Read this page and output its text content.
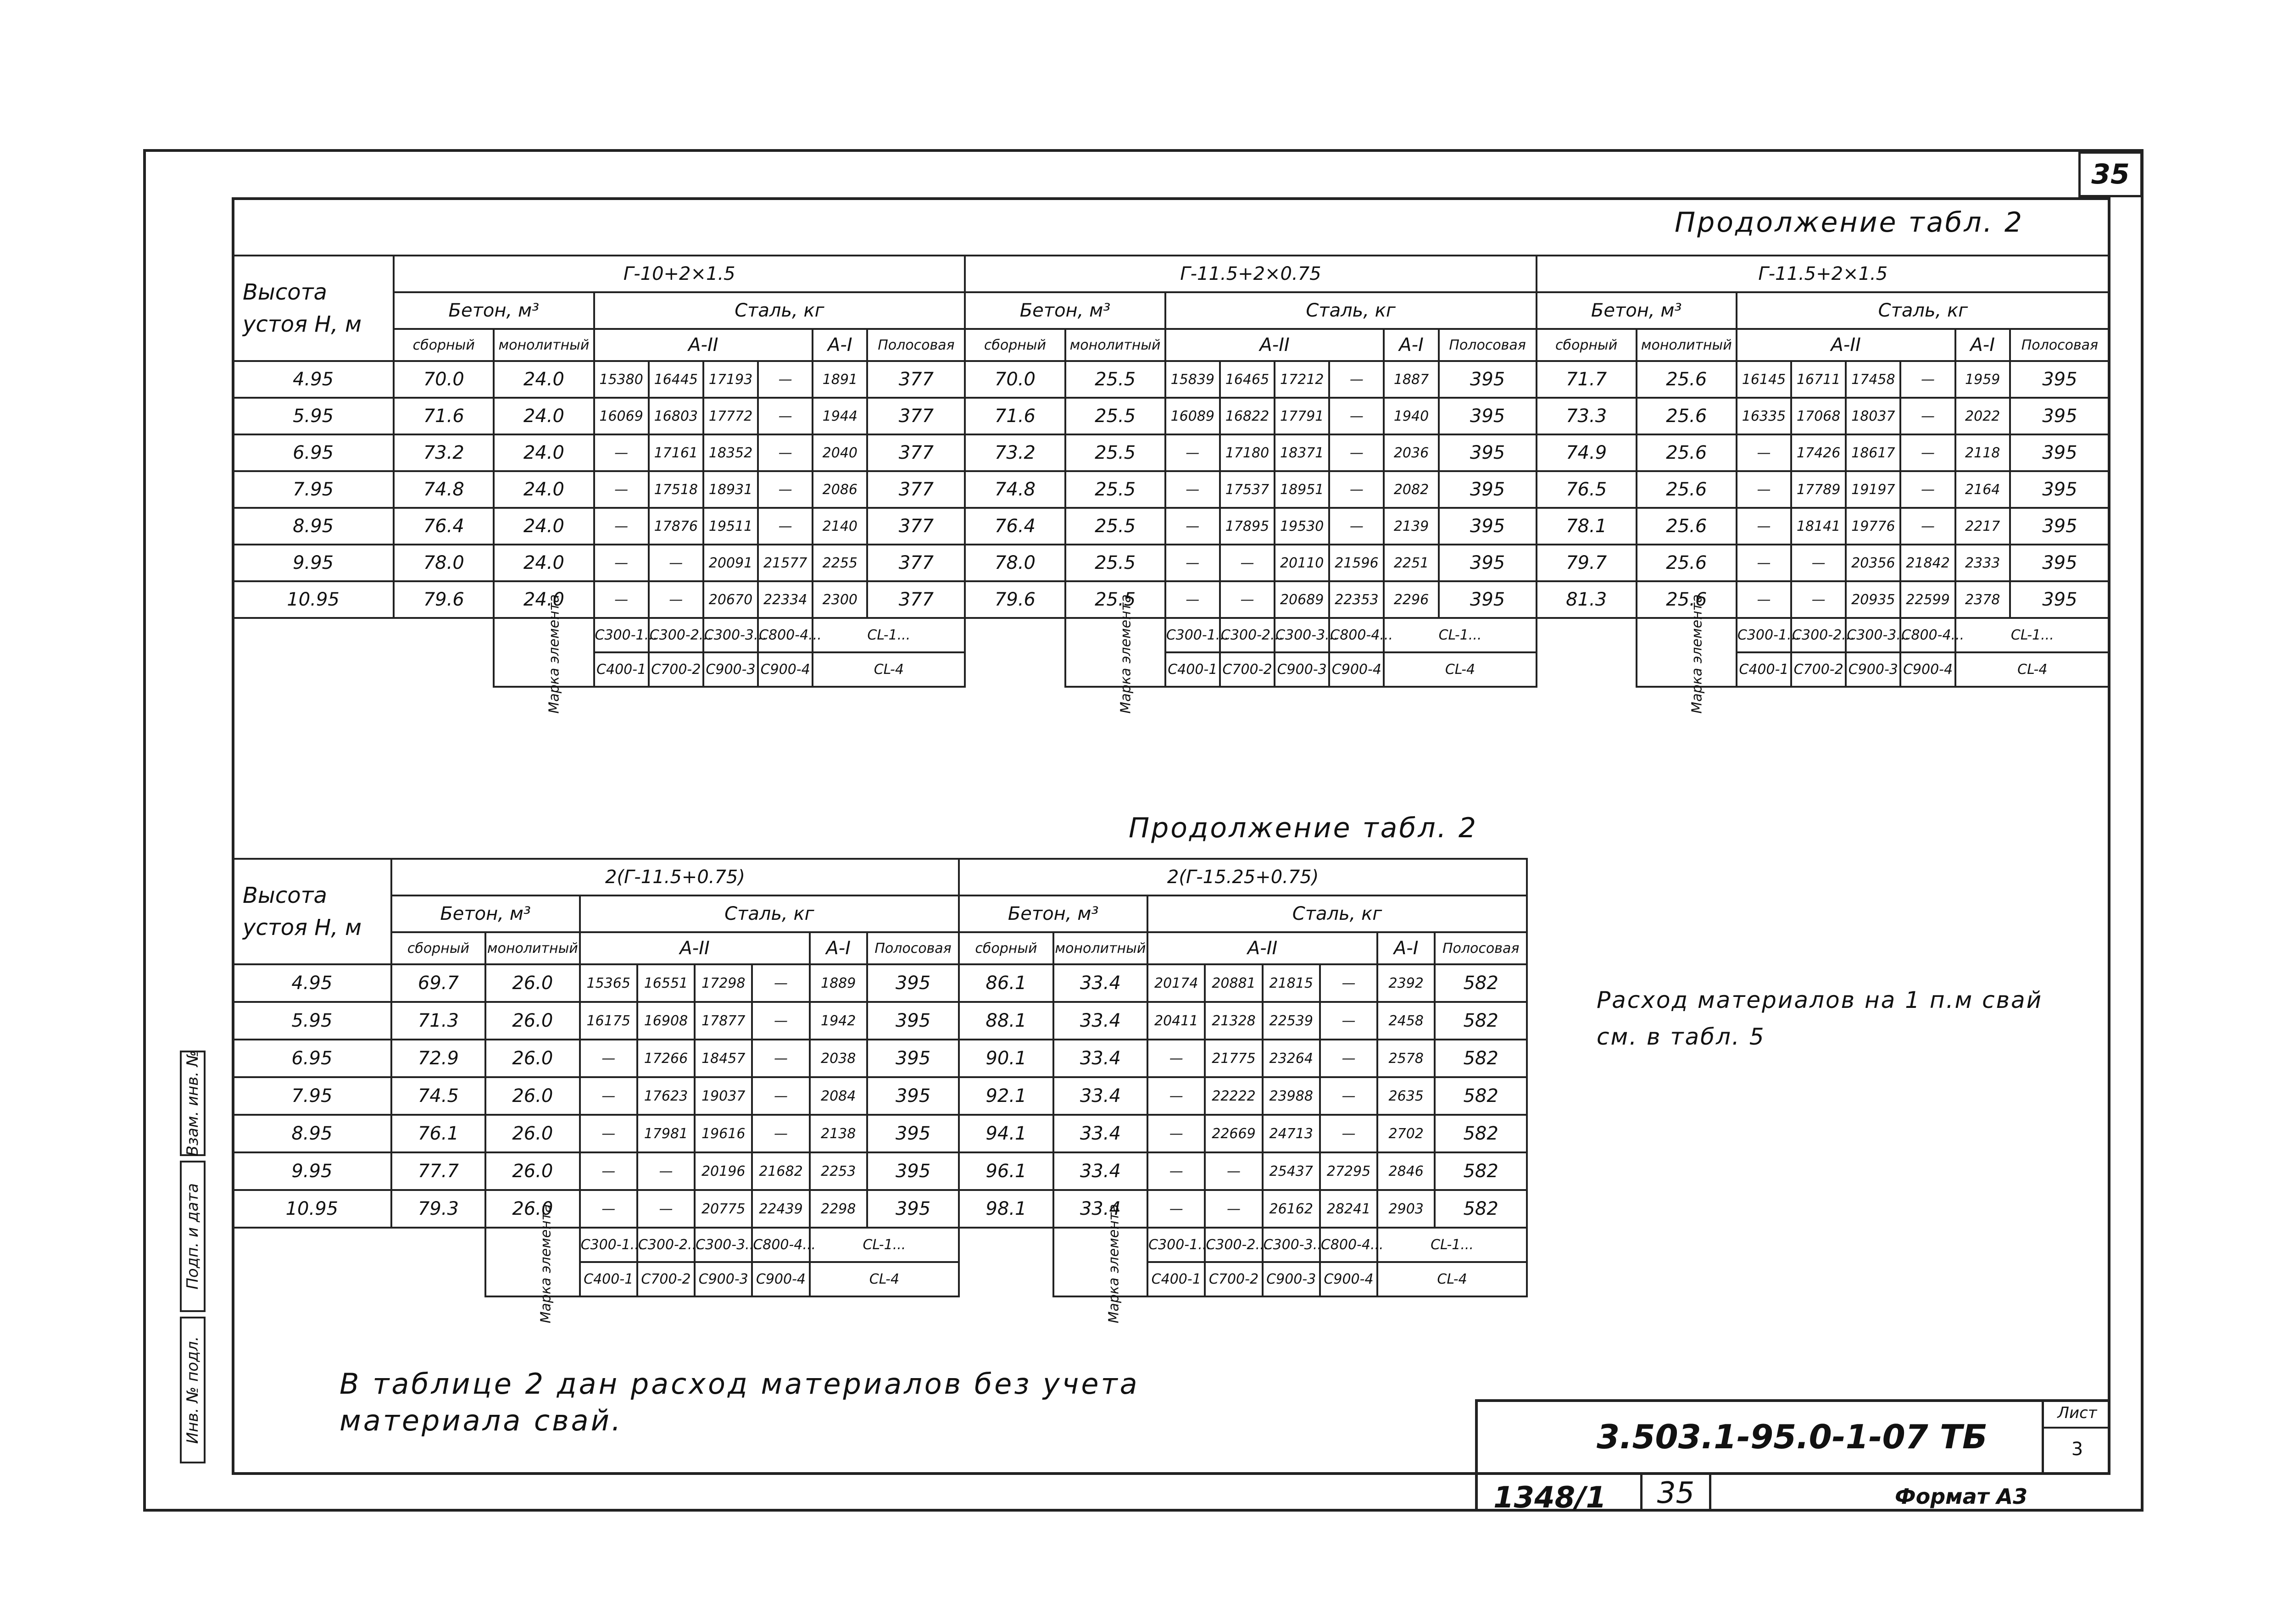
35
Инв. № подл.
Подп. и дата
Взам. инв. №
Продолжение табл. 2
Продолжение табл. 2
Высота устоя Н, м	Г-10+2×1.5								Г-11.5+2×0.75								Г-11.5+2×1.5							
	Бетон, м³		Сталь, кг						Бетон, м³		Сталь, кг						Бетон, м³		Сталь, кг					
	сборный	монолитный	А-II				А-I	Полосовая	сборный	монолитный	А-II				А-I	Полосовая	сборный	монолитный	А-II				А-I	Полосовая
4.95	70.0	24.0	15380	16445	17193	—	1891	377	70.0	25.5	15839	16465	17212	—	1887	395	71.7	25.6	16145	16711	17458	—	1959	395
5.95	71.6	24.0	16069	16803	17772	—	1944	377	71.6	25.5	16089	16822	17791	—	1940	395	73.3	25.6	16335	17068	18037	—	2022	395
6.95	73.2	24.0	—	17161	18352	—	2040	377	73.2	25.5	—	17180	18371	—	2036	395	74.9	25.6	—	17426	18617	—	2118	395
7.95	74.8	24.0	—	17518	18931	—	2086	377	74.8	25.5	—	17537	18951	—	2082	395	76.5	25.6	—	17789	19197	—	2164	395
8.95	76.4	24.0	—	17876	19511	—	2140	377	76.4	25.5	—	17895	19530	—	2139	395	78.1	25.6	—	18141	19776	—	2217	395
9.95	78.0	24.0	—	—	20091	21577	2255	377	78.0	25.5	—	—	20110	21596	2251	395	79.7	25.6	—	—	20356	21842	2333	395
10.95	79.6	24.0	—	—	20670	22334	2300	377	79.6	25.5	—	—	20689	22353	2296	395	81.3	25.6	—	—	20935	22599	2378	395
		Марка элемента	С300-1...	С300-2...	С300-3...	С800-4...	CL-1...			Марка элемента	С300-1...	С300-2...	С300-3...	С800-4...	CL-1...			Марка элемента	С300-1...	С300-2...	С300-3...	С800-4...	CL-1...	
			С400-1	С700-2	С900-3	С900-4	CL-4				С400-1	С700-2	С900-3	С900-4	CL-4				С400-1	С700-2	С900-3	С900-4	CL-4	
Высота устоя Н, м	2(Г-11.5+0.75)								2(Г-15.25+0.75)							
	Бетон, м³		Сталь, кг						Бетон, м³		Сталь, кг					
	сборный	монолитный	А-II				А-I	Полосовая	сборный	монолитный	А-II				А-I	Полосовая
4.95	69.7	26.0	15365	16551	17298	—	1889	395	86.1	33.4	20174	20881	21815	—	2392	582
5.95	71.3	26.0	16175	16908	17877	—	1942	395	88.1	33.4	20411	21328	22539	—	2458	582
6.95	72.9	26.0	—	17266	18457	—	2038	395	90.1	33.4	—	21775	23264	—	2578	582
7.95	74.5	26.0	—	17623	19037	—	2084	395	92.1	33.4	—	22222	23988	—	2635	582
8.95	76.1	26.0	—	17981	19616	—	2138	395	94.1	33.4	—	22669	24713	—	2702	582
9.95	77.7	26.0	—	—	20196	21682	2253	395	96.1	33.4	—	—	25437	27295	2846	582
10.95	79.3	26.0	—	—	20775	22439	2298	395	98.1	33.4	—	—	26162	28241	2903	582
		Марка элемента	С300-1...	С300-2...	С300-3...	С800-4...	CL-1...			Марка элемента	С300-1...	С300-2...	С300-3...	С800-4...	CL-1...	
			С400-1	С700-2	С900-3	С900-4	CL-4				С400-1	С700-2	С900-3	С900-4	CL-4	
Расход материалов на 1 п.м свай см. в табл. 5
В таблице 2 дан расход материалов без учета
материала свай.	3.503.1-95.0-1-07 ТБ
Лист
3
1348/1	35	Формат А3
